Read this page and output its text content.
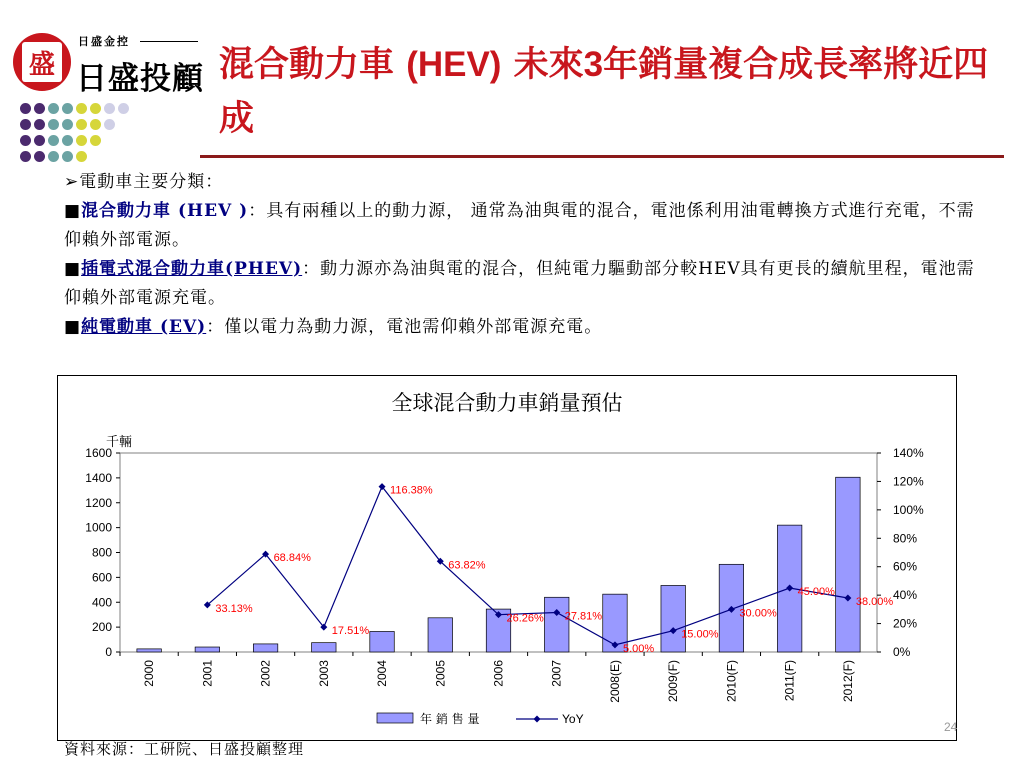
盛
日盛金控
日盛投顧 混合動力車 (HEV) 未來3年銷量複合成長率將近四成

➢電動車主要分類：

■混合動力車 (HEV )：具有兩種以上的動力源， 通常為油與電的混合，電池係利用油電轉換方式進行充電，不需仰賴外部電源。

■插電式混合動力車(PHEV)：動力源亦為油與電的混合，但純電力驅動部分較HEV具有更長的續航里程，電池需仰賴外部電源充電。

■純電動車 (EV)：僅以電力為動力源，電池需仰賴外部電源充電。

全球混合動力車銷量預估
千輛
0
200
400
600
800
1000
1200
1400
1600
0%
20%
40%
60%
80%
100%
120%
140%
2000	2001	2002	2003	2004	2005	2006	2007	2008(E)	2009(F)	2010(F)	2011(F)	2012(F)
33.13%
68.84%
17.51%
116.38%
63.82%
26.26% 27.81%
5.00%
15.00%
30.00%
45.00%
38.00%
年 銷 售 量	YoY
24
資料來源：工研院、日盛投顧整理
